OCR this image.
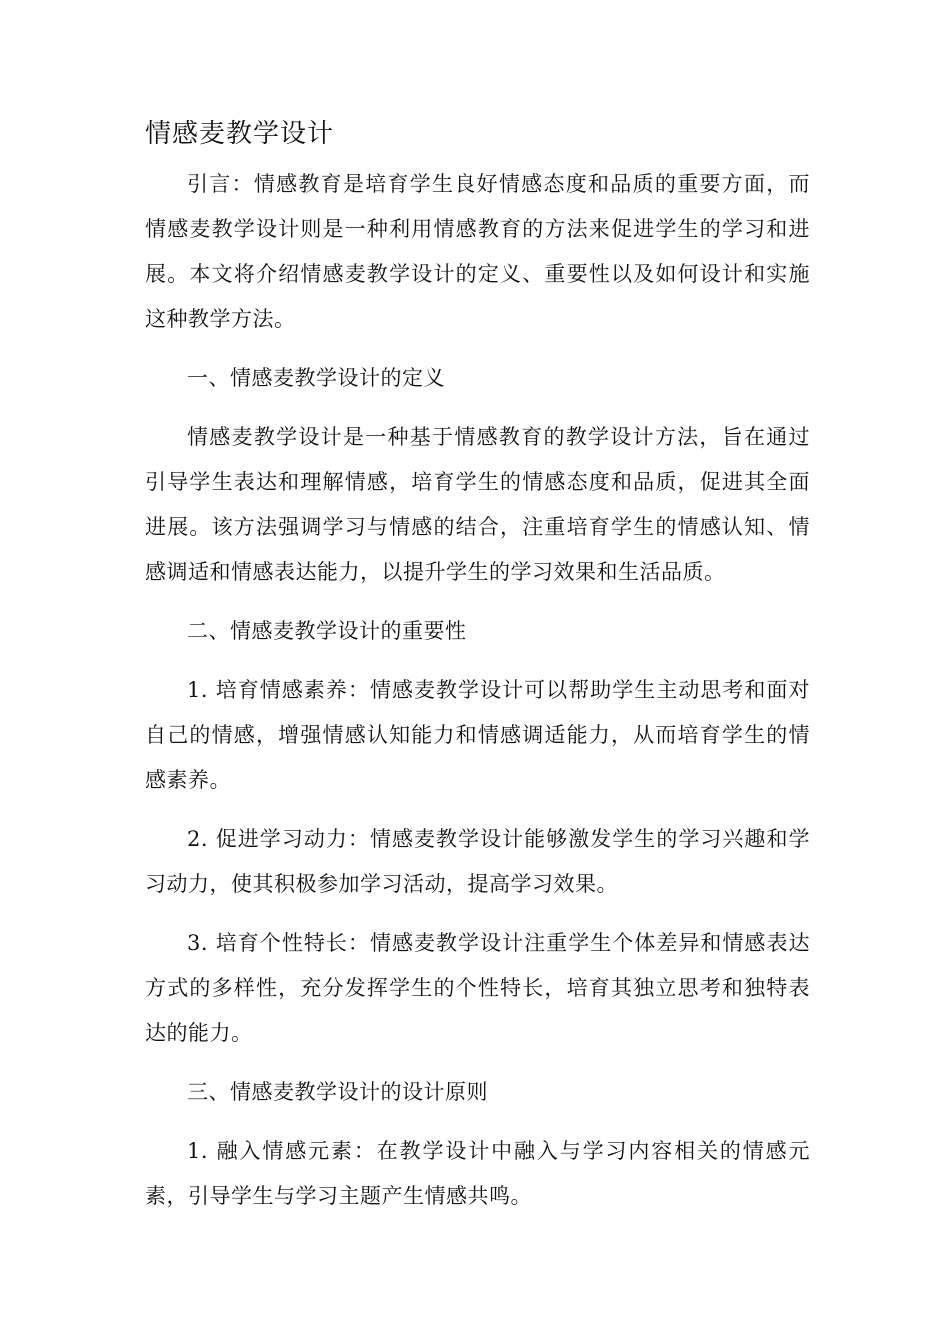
情感麦教学设计

引言：情感教育是培育学生良好情感态度和品质的重要方面，而情感麦教学设计则是一种利用情感教育的方法来促进学生的学习和进展。本文将介绍情感麦教学设计的定义、重要性以及如何设计和实施这种教学方法。

一、情感麦教学设计的定义

情感麦教学设计是一种基于情感教育的教学设计方法，旨在通过引导学生表达和理解情感，培育学生的情感态度和品质，促进其全面进展。该方法强调学习与情感的结合，注重培育学生的情感认知、情感调适和情感表达能力，以提升学生的学习效果和生活品质。

二、情感麦教学设计的重要性

1. 培育情感素养：情感麦教学设计可以帮助学生主动思考和面对自己的情感，增强情感认知能力和情感调适能力，从而培育学生的情感素养。

2. 促进学习动力：情感麦教学设计能够激发学生的学习兴趣和学习动力，使其积极参加学习活动，提高学习效果。

3. 培育个性特长：情感麦教学设计注重学生个体差异和情感表达方式的多样性，充分发挥学生的个性特长，培育其独立思考和独特表达的能力。

三、情感麦教学设计的设计原则

1. 融入情感元素：在教学设计中融入与学习内容相关的情感元素，引导学生与学习主题产生情感共鸣。
